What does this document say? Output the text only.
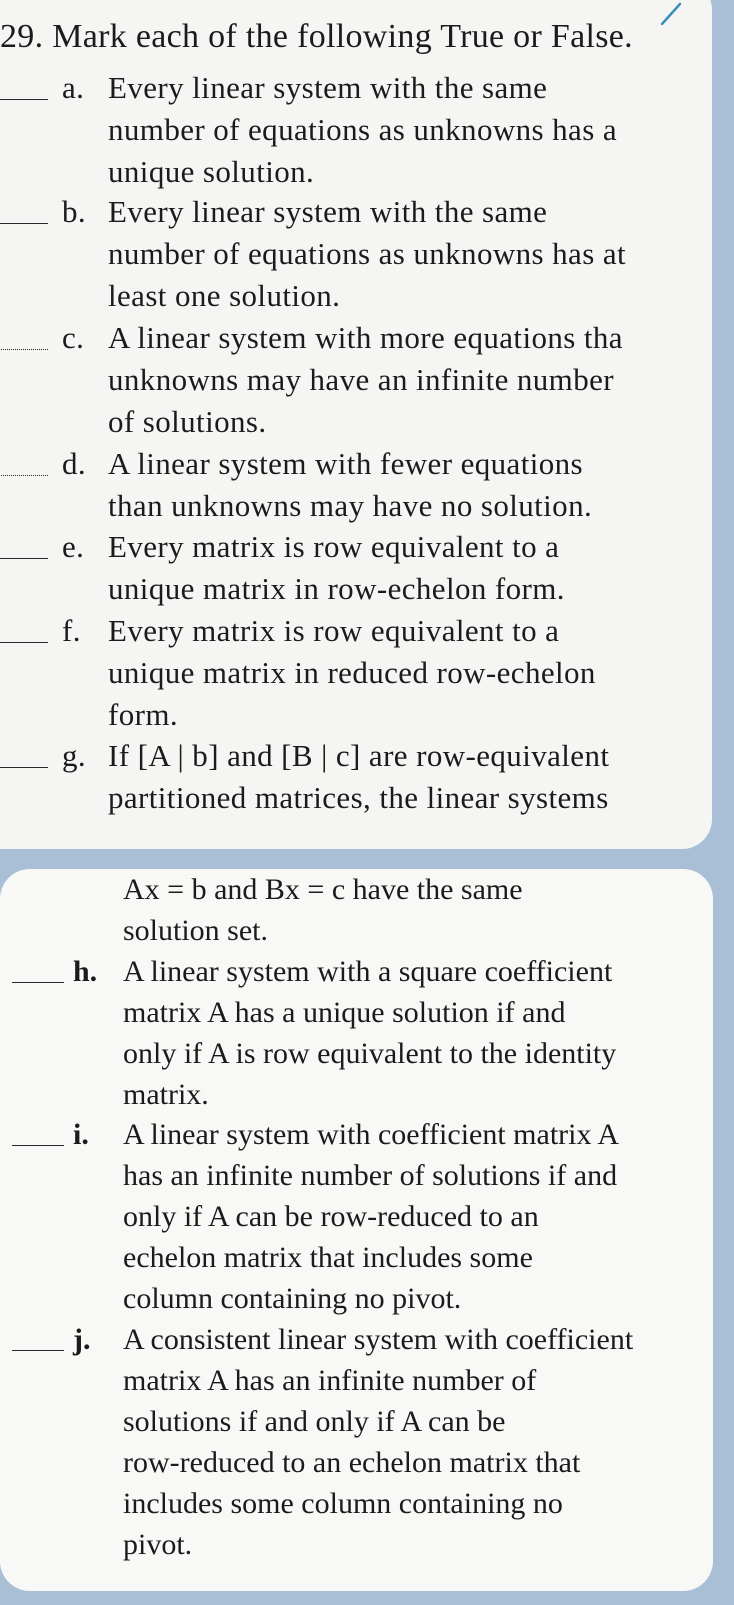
29. Mark each of the following True or False.
a. Every linear system with the same
number of equations as unknowns has a
unique solution.
b. Every linear system with the same
number of equations as unknowns has at
least one solution.
c. A linear system with more equations tha
unknowns may have an infinite number
of solutions.
d. A linear system with fewer equations
than unknowns may have no solution.
e. Every matrix is row equivalent to a
unique matrix in row-echelon form.
f. Every matrix is row equivalent to a
unique matrix in reduced row-echelon
form.
g. If [A | b] and [B | c] are row-equivalent
partitioned matrices, the linear systems
Ax = b and Bx = c have the same
solution set.
h. A linear system with a square coefficient
matrix A has a unique solution if and
only if A is row equivalent to the identity
matrix.
i.	A linear system with coefficient matrix A
has an infinite number of solutions if and
only if A can be row-reduced to an
echelon matrix that includes some
column containing no pivot.
j.	A consistent linear system with coefficient
matrix A has an infinite number of
solutions if and only if A can be
row-reduced to an echelon matrix that
includes some column containing no
pivot.
